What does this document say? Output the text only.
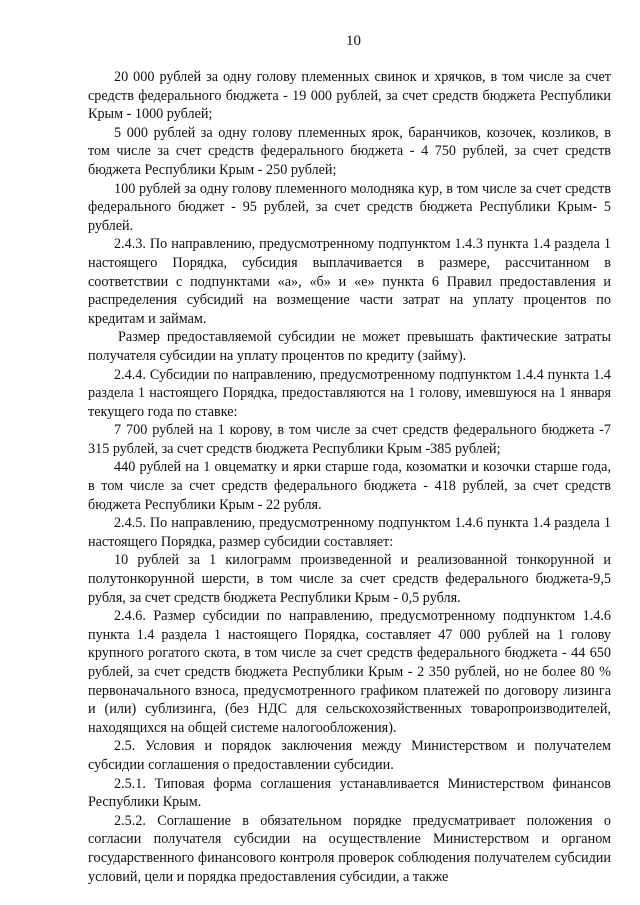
10

20 000 рублей за одну голову племенных свинок и хрячков, в том числе за счет средств федерального бюджета - 19 000 рублей, за счет средств бюджета Республики Крым - 1000 рублей;

5 000 рублей за одну голову племенных ярок, баранчиков, козочек, козликов, в том числе за счет средств федерального бюджета - 4 750 рублей, за счет средств бюджета Республики Крым - 250 рублей;

100 рублей за одну голову племенного молодняка кур, в том числе за счет средств федерального бюджет - 95 рублей, за счет средств бюджета Республики Крым- 5 рублей.

2.4.3. По направлению, предусмотренному подпунктом 1.4.3 пункта 1.4 раздела 1 настоящего Порядка, субсидия выплачивается в размере, рассчитанном в соответствии с подпунктами «а», «б» и «е» пункта 6 Правил предоставления и распределения субсидий на возмещение части затрат на уплату процентов по кредитам и займам.

Размер предоставляемой субсидии не может превышать фактические затраты получателя субсидии на уплату процентов по кредиту (займу).

2.4.4. Субсидии по направлению, предусмотренному подпунктом 1.4.4 пункта 1.4 раздела 1 настоящего Порядка, предоставляются на 1 голову, имевшуюся на 1 января текущего года по ставке:

7 700 рублей на 1 корову, в том числе за счет средств федерального бюджета -7 315 рублей, за счет средств бюджета Республики Крым -385 рублей;

440 рублей на 1 овцематку и ярки старше года, козоматки и козочки старше года, в том числе за счет средств федерального бюджета - 418 рублей, за счет средств бюджета Республики Крым - 22 рубля.

2.4.5. По направлению, предусмотренному подпунктом 1.4.6 пункта 1.4 раздела 1 настоящего Порядка, размер субсидии составляет:

10 рублей за 1 килограмм произведенной и реализованной тонкорунной и полутонкорунной шерсти, в том числе за счет средств федерального бюджета-9,5 рубля, за счет средств бюджета Республики Крым - 0,5 рубля.

2.4.6. Размер субсидии по направлению, предусмотренному подпунктом 1.4.6 пункта 1.4 раздела 1 настоящего Порядка, составляет 47 000 рублей на 1 голову крупного рогатого скота, в том числе за счет средств федерального бюджета - 44 650 рублей, за счет средств бюджета Республики Крым - 2 350 рублей, но не более 80 % первоначального взноса, предусмотренного графиком платежей по договору лизинга и (или) сублизинга, (без НДС для сельскохозяйственных товаропроизводителей, находящихся на общей системе налогообложения).

2.5. Условия и порядок заключения между Министерством и получателем субсидии соглашения о предоставлении субсидии.

2.5.1. Типовая форма соглашения устанавливается Министерством финансов Республики Крым.

2.5.2. Соглашение в обязательном порядке предусматривает положения о согласии получателя субсидии на осуществление Министерством и органом государственного финансового контроля проверок соблюдения получателем субсидии условий, цели и порядка предоставления субсидии, а также
